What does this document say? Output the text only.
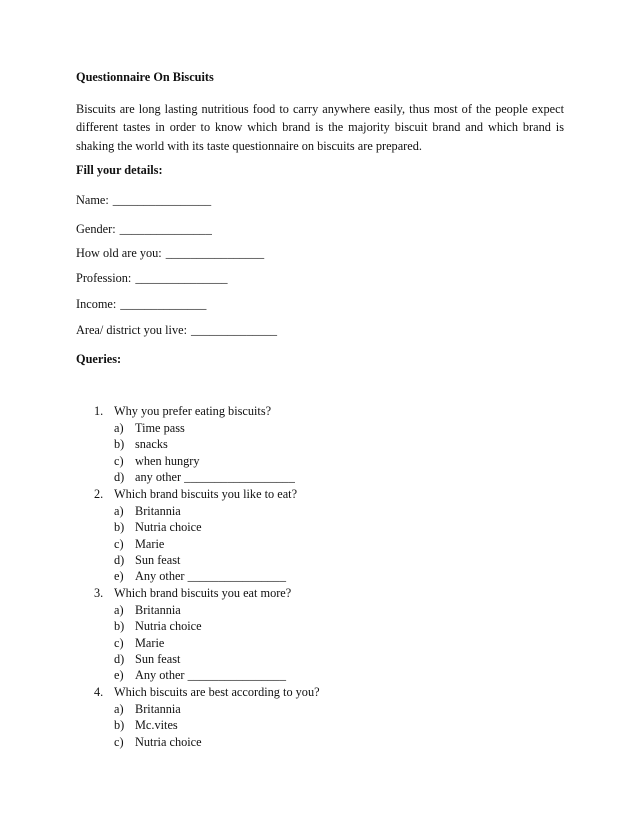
Questionnaire On Biscuits

Biscuits are long lasting nutritious food to carry anywhere easily, thus most of the people expect different tastes in order to know which brand is the majority biscuit brand and which brand is shaking the world with its taste questionnaire on biscuits are prepared.

Fill your details:
Name: ________________
Gender: _______________
How old are you: ________________
Profession: _______________
Income: ______________
Area/ district you live: ______________
Queries:
1. Why you prefer eating biscuits?
a) Time pass
b) snacks
c) when hungry
d) any other __________________
2. Which brand biscuits you like to eat?
a) Britannia
b) Nutria choice
c) Marie
d) Sun feast
e) Any other ________________
3. Which brand biscuits you eat more?
a) Britannia
b) Nutria choice
c) Marie
d) Sun feast
e) Any other ________________
4. Which biscuits are best according to you?
a) Britannia
b) Mc.vites
c) Nutria choice
